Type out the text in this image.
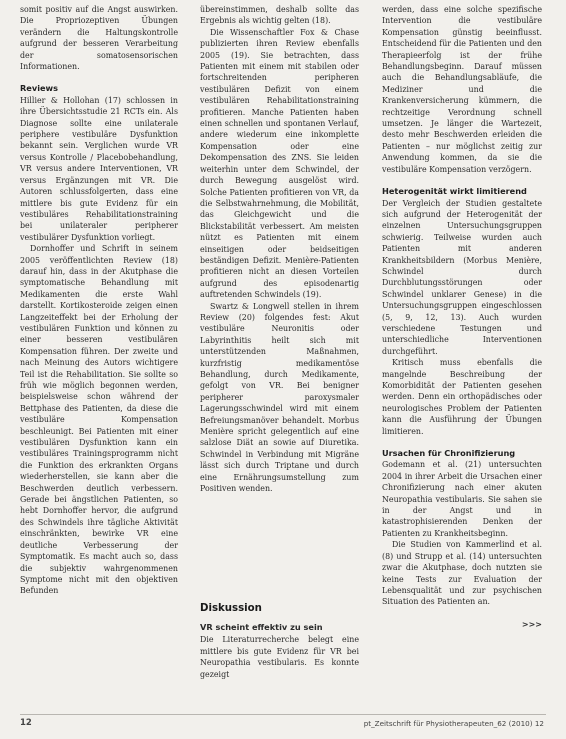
somit positiv auf die Angst auswirken. Die Propriozeptiven Übungen verändern die Haltungskontrolle aufgrund der besseren Verarbeitung der somatosensorischen Informationen.

Reviews

Hillier & Hollohan (17) schlossen in ihre Übersichtsstudie 21 RCTs ein. Als Diagnose sollte eine unilaterale periphere vestibuläre Dysfunktion bekannt sein. Verglichen wurde VR versus Kontrolle / Placebobehandlung, VR versus andere Interventionen, VR versus Ergänzungen mit VR. Die Autoren schlussfolgerten, dass eine mittlere bis gute Evidenz für ein vestibuläres Rehabilitationstraining bei unilateraler peripherer vestibulärer Dysfunktion vorliegt.

Dornhoffer und Schrift in seinem 2005 veröffentlichten Review (18) darauf hin, dass in der Akutphase die symptomatische Behandlung mit Medikamenten die erste Wahl darstellt. Kortikosteroide zeigen einen Langzeiteffekt bei der Erholung der vestibulären Funktion und können zu einer besseren vestibulären Kompensation führen. Der zweite und nach Meinung des Autors wichtigere Teil ist die Rehabilitation. Sie sollte so früh wie möglich begonnen werden, beispielsweise schon während der Bettphase des Patienten, da diese die vestibuläre Kompensation beschleunigt. Bei Patienten mit einer vestibulären Dysfunktion kann ein vestibuläres Trainingsprogramm nicht die Funktion des erkrankten Organs wiederherstellen, sie kann aber die Beschwerden deutlich verbessern. Gerade bei ängstlichen Patienten, so hebt Dornhoffer hervor, die aufgrund des Schwindels ihre tägliche Aktivität einschränkten, bewirke VR eine deutliche Verbesserung der Symptomatik. Es macht auch so, dass die subjektiv wahrgenommenen Symptome nicht mit den objektiven Befunden

übereinstimmen, deshalb sollte das Ergebnis als wichtig gelten (18).

Die Wissenschaftler Fox & Chase publizierten ihren Review ebenfalls 2005 (19). Sie betrachten, dass Patienten mit einem mit stabilen oder fortschreitenden peripheren vestibulären Defizit von einem vestibulären Rehabilitationstraining profitieren. Manche Patienten haben einen schnellen und spontanen Verlauf, andere wiederum eine inkomplette Kompensation oder eine Dekompensation des ZNS. Sie leiden weiterhin unter dem Schwindel, der durch Bewegung ausgelöst wird. Solche Patienten profitieren von VR, da die Selbstwahrnehmung, die Mobilität, das Gleichgewicht und die Blickstabilität verbessert. Am meisten nützt es Patienten mit einem einseitigen oder beidseitigen beständigen Defizit. Menière-Patienten profitieren nicht an diesen Vorteilen aufgrund des episodenartig auftretenden Schwindels (19).

Swartz & Longwell stellen in ihrem Review (20) folgendes fest: Akut vestibuläre Neuronitis oder Labyrinthitis heilt sich mit unterstützenden Maßnahmen, kurzfristig medikamentöse Behandlung, durch Medikamente, gefolgt von VR. Bei benigner peripherer paroxysmaler Lagerungsschwindel wird mit einem Befreiungsmanöver behandelt. Morbus Menière spricht gelegentlich auf eine salzlose Diät an sowie auf Diuretika. Schwindel in Verbindung mit Migräne lässt sich durch Triptane und durch eine Ernährungsumstellung zum Positiven wenden.

Diskussion
VR scheint effektiv zu sein

Die Literaturrecherche belegt eine mittlere bis gute Evidenz für VR bei Neuropathia vestibularis. Es konnte gezeigt

werden, dass eine solche spezifische Intervention die vestibuläre Kompensation günstig beeinflusst. Entscheidend für die Patienten und den Therapieerfolg ist der frühe Behandlungsbeginn. Darauf müssen auch die Behandlungsabläufe, die Mediziner und die Krankenversicherung kümmern, die rechtzeitige Verordnung schnell umsetzen. Je länger die Wartezeit, desto mehr Beschwerden erleiden die Patienten – nur möglichst zeitig zur Anwendung kommen, da sie die vestibuläre Kompensation verzögern.

Heterogenität wirkt limitierend

Der Vergleich der Studien gestaltete sich aufgrund der Heterogenität der einzelnen Untersuchungsgruppen schwierig. Teilweise wurden auch Patienten mit anderen Krankheitsbildern (Morbus Menière, Schwindel durch Durchblutungsstörungen oder Schwindel unklarer Genese) in die Untersuchungsgruppen eingeschlossen (5, 9, 12, 13). Auch wurden verschiedene Testungen und unterschiedliche Interventionen durchgeführt.

Kritisch muss ebenfalls die mangelnde Beschreibung der Komorbidität der Patienten gesehen werden. Denn ein orthopädisches oder neurologisches Problem der Patienten kann die Ausführung der Übungen limitieren.

Ursachen für Chronifizierung

Godemann et al. (21) untersuchten 2004 in ihrer Arbeit die Ursachen einer Chronifizierung nach einer akuten Neuropathia vestibularis. Sie sahen sie in der Angst und in katastrophisierenden Denken der Patienten zu Krankheitsbeginn.

Die Studien von Kammerlind et al. (8) und Strupp et al. (14) untersuchten zwar die Akutphase, doch nutzten sie keine Tests zur Evaluation der Lebensqualität und zur psychischen Situation des Patienten an.

>>>
12	pt_Zeitschrift für Physiotherapeuten_62 (2010) 12
